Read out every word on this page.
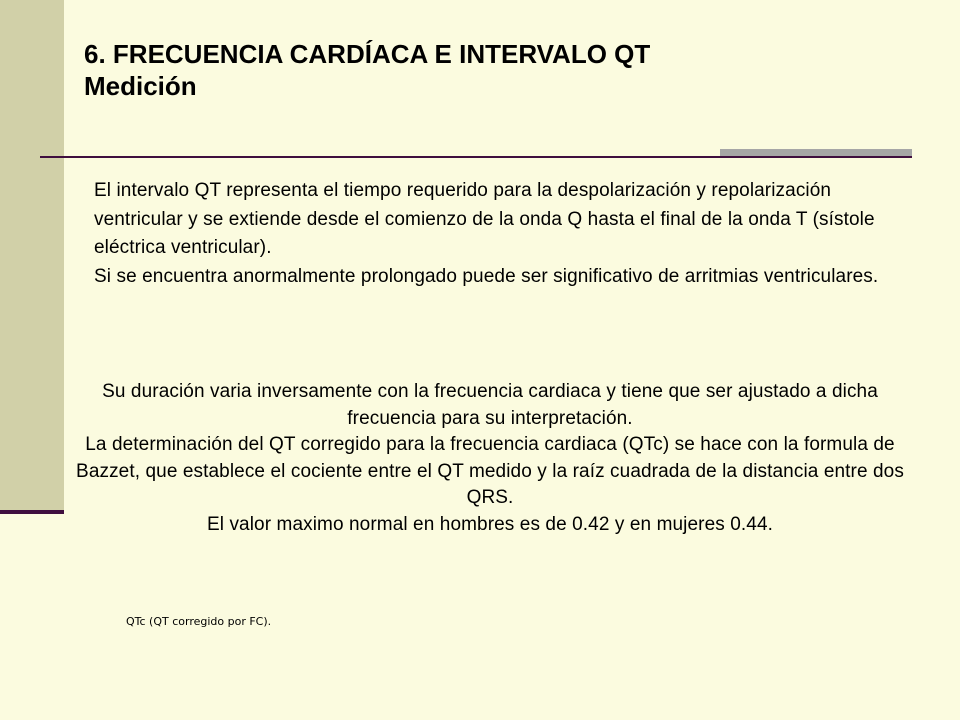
6. FRECUENCIA CARDÍACA E INTERVALO QT
Medición

El intervalo QT representa el tiempo requerido para la despolarización y repolarización ventricular y se extiende desde el comienzo de la onda Q hasta el final de la onda T (sístole eléctrica ventricular).

Si se encuentra anormalmente prolongado puede ser significativo de arritmias ventriculares.

Su duración varia inversamente con la frecuencia cardiaca y tiene que ser ajustado a dicha frecuencia para su interpretación.

La determinación del QT corregido para la frecuencia cardiaca (QTc) se hace con la formula de Bazzet, que establece el cociente entre el QT medido y la raíz cuadrada de la distancia entre dos QRS.

El valor maximo normal en hombres es de 0.42 y en mujeres 0.44.

QTc (QT corregido por FC).
